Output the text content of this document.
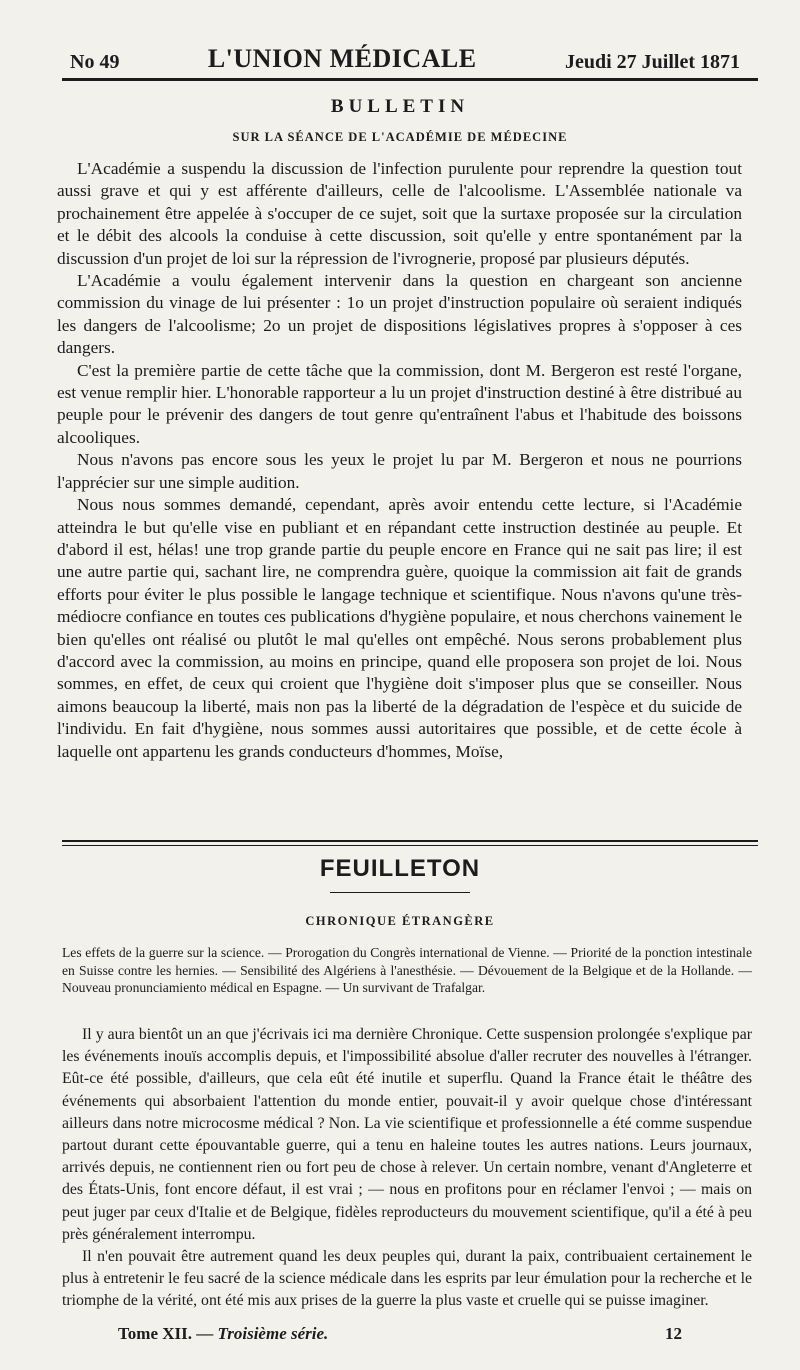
No 49	L'UNION MÉDICALE	Jeudi 27 Juillet 1871
BULLETIN
SUR LA SÉANCE DE L'ACADÉMIE DE MÉDECINE

L'Académie a suspendu la discussion de l'infection purulente pour reprendre la question tout aussi grave et qui y est afférente d'ailleurs, celle de l'alcoolisme. L'Assemblée nationale va prochainement être appelée à s'occuper de ce sujet, soit que la surtaxe proposée sur la circulation et le débit des alcools la conduise à cette discussion, soit qu'elle y entre spontanément par la discussion d'un projet de loi sur la répression de l'ivrognerie, proposé par plusieurs députés.

L'Académie a voulu également intervenir dans la question en chargeant son ancienne commission du vinage de lui présenter : 1o un projet d'instruction populaire où seraient indiqués les dangers de l'alcoolisme; 2o un projet de dispositions législatives propres à s'opposer à ces dangers.

C'est la première partie de cette tâche que la commission, dont M. Bergeron est resté l'organe, est venue remplir hier. L'honorable rapporteur a lu un projet d'instruction destiné à être distribué au peuple pour le prévenir des dangers de tout genre qu'entraînent l'abus et l'habitude des boissons alcooliques.

Nous n'avons pas encore sous les yeux le projet lu par M. Bergeron et nous ne pourrions l'apprécier sur une simple audition.

Nous nous sommes demandé, cependant, après avoir entendu cette lecture, si l'Académie atteindra le but qu'elle vise en publiant et en répandant cette instruction destinée au peuple. Et d'abord il est, hélas! une trop grande partie du peuple encore en France qui ne sait pas lire; il est une autre partie qui, sachant lire, ne comprendra guère, quoique la commission ait fait de grands efforts pour éviter le plus possible le langage technique et scientifique. Nous n'avons qu'une très-médiocre confiance en toutes ces publications d'hygiène populaire, et nous cherchons vainement le bien qu'elles ont réalisé ou plutôt le mal qu'elles ont empêché. Nous serons probablement plus d'accord avec la commission, au moins en principe, quand elle proposera son projet de loi. Nous sommes, en effet, de ceux qui croient que l'hygiène doit s'imposer plus que se conseiller. Nous aimons beaucoup la liberté, mais non pas la liberté de la dégradation de l'espèce et du suicide de l'individu. En fait d'hygiène, nous sommes aussi autoritaires que possible, et de cette école à laquelle ont appartenu les grands conducteurs d'hommes, Moïse,

FEUILLETON
CHRONIQUE ÉTRANGÈRE

Les effets de la guerre sur la science. — Prorogation du Congrès international de Vienne. — Priorité de la ponction intestinale en Suisse contre les hernies. — Sensibilité des Algériens à l'anesthésie. — Dévouement de la Belgique et de la Hollande. — Nouveau pronunciamiento médical en Espagne. — Un survivant de Trafalgar.

Il y aura bientôt un an que j'écrivais ici ma dernière Chronique. Cette suspension prolongée s'explique par les événements inouïs accomplis depuis, et l'impossibilité absolue d'aller recruter des nouvelles à l'étranger. Eût-ce été possible, d'ailleurs, que cela eût été inutile et superflu. Quand la France était le théâtre des événements qui absorbaient l'attention du monde entier, pouvait-il y avoir quelque chose d'intéressant ailleurs dans notre microcosme médical ? Non. La vie scientifique et professionnelle a été comme suspendue partout durant cette épouvantable guerre, qui a tenu en haleine toutes les autres nations. Leurs journaux, arrivés depuis, ne contiennent rien ou fort peu de chose à relever. Un certain nombre, venant d'Angleterre et des États-Unis, font encore défaut, il est vrai ; — nous en profitons pour en réclamer l'envoi ; — mais on peut juger par ceux d'Italie et de Belgique, fidèles reproducteurs du mouvement scientifique, qu'il a été à peu près généralement interrompu.

Il n'en pouvait être autrement quand les deux peuples qui, durant la paix, contribuaient certainement le plus à entretenir le feu sacré de la science médicale dans les esprits par leur émulation pour la recherche et le triomphe de la vérité, ont été mis aux prises de la guerre la plus vaste et cruelle qui se puisse imaginer.

Tome XII. — Troisième série.	12
